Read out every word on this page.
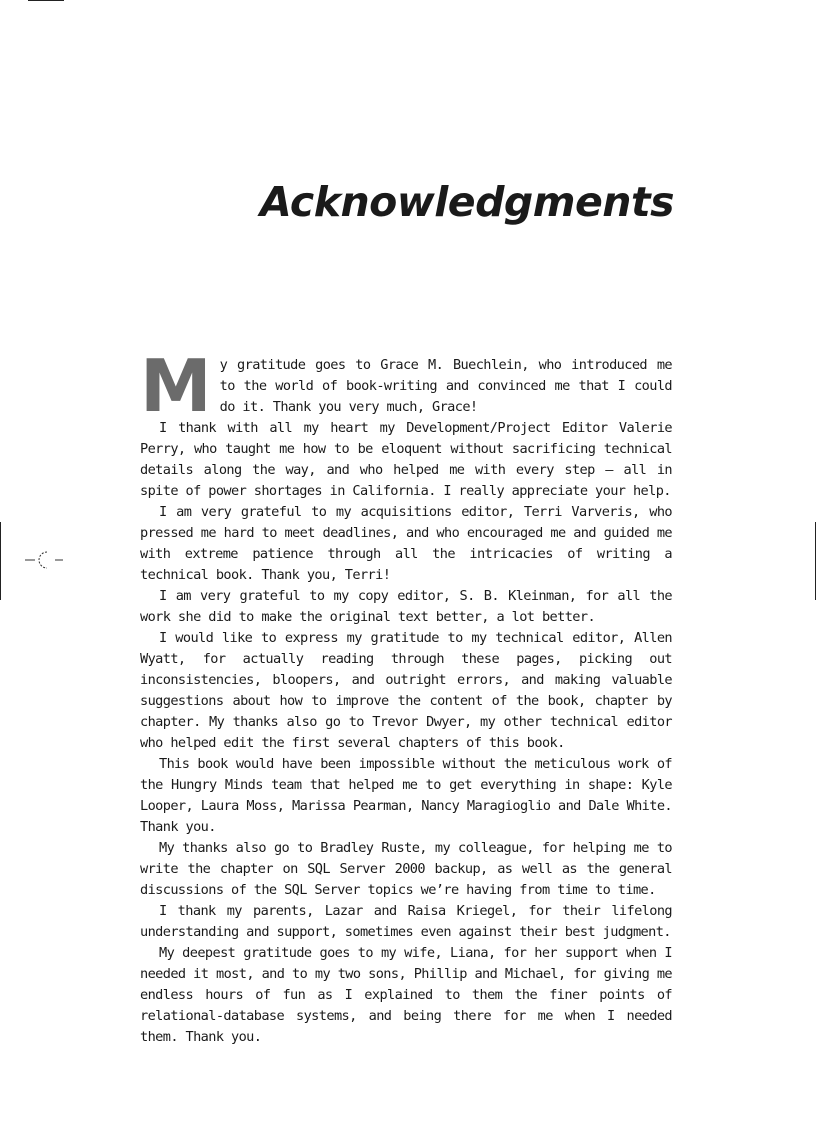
Acknowledgments

My gratitude goes to Grace M. Buechlein, who introduced me to the world of book-writing and convinced me that I could do it. Thank you very much, Grace!

I thank with all my heart my Development/Project Editor Valerie Perry, who taught me how to be eloquent without sacrificing technical details along the way, and who helped me with every step — all in spite of power shortages in California. I really appreciate your help.

I am very grateful to my acquisitions editor, Terri Varveris, who pressed me hard to meet deadlines, and who encouraged me and guided me with extreme patience through all the intricacies of writing a technical book. Thank you, Terri!

I am very grateful to my copy editor, S. B. Kleinman, for all the work she did to make the original text better, a lot better.

I would like to express my gratitude to my technical editor, Allen Wyatt, for actually reading through these pages, picking out inconsistencies, bloopers, and outright errors, and making valuable suggestions about how to improve the content of the book, chapter by chapter. My thanks also go to Trevor Dwyer, my other technical editor who helped edit the first several chapters of this book.

This book would have been impossible without the meticulous work of the Hungry Minds team that helped me to get everything in shape: Kyle Looper, Laura Moss, Marissa Pearman, Nancy Maragioglio and Dale White. Thank you.

My thanks also go to Bradley Ruste, my colleague, for helping me to write the chapter on SQL Server 2000 backup, as well as the general discussions of the SQL Server topics we’re having from time to time.

I thank my parents, Lazar and Raisa Kriegel, for their lifelong understanding and support, sometimes even against their best judgment.

My deepest gratitude goes to my wife, Liana, for her support when I needed it most, and to my two sons, Phillip and Michael, for giving me endless hours of fun as I explained to them the finer points of relational-database systems, and being there for me when I needed them. Thank you.
